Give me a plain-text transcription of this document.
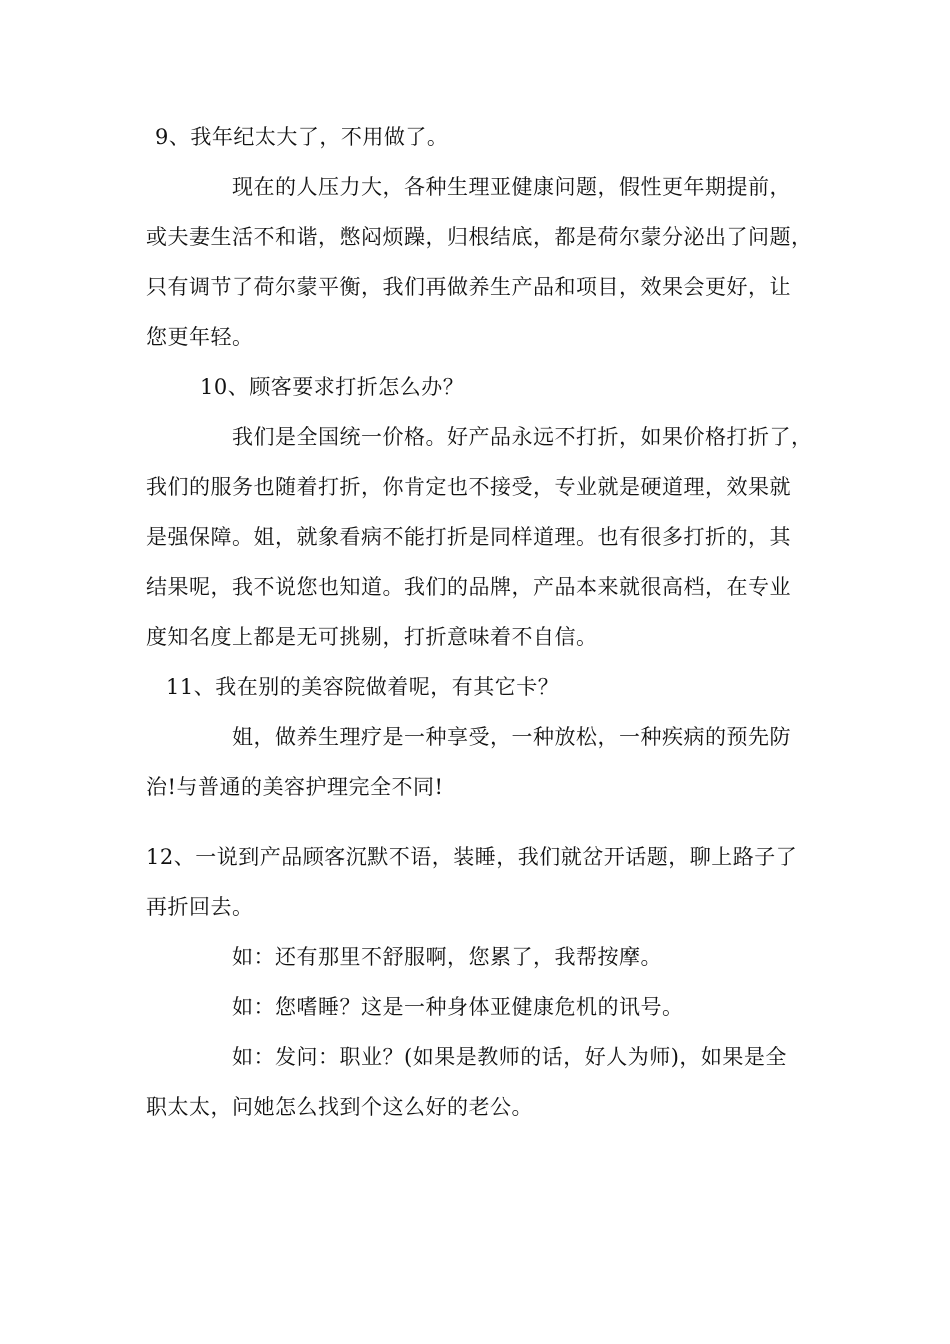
9、我年纪太大了，不用做了。
现在的人压力大，各种生理亚健康问题，假性更年期提前，
或夫妻生活不和谐，憋闷烦躁，归根结底，都是荷尔蒙分泌出了问题，
只有调节了荷尔蒙平衡，我们再做养生产品和项目，效果会更好，让
您更年轻。
10、顾客要求打折怎么办？
我们是全国统一价格。好产品永远不打折，如果价格打折了，
我们的服务也随着打折，你肯定也不接受，专业就是硬道理，效果就
是强保障。姐，就象看病不能打折是同样道理。也有很多打折的，其
结果呢，我不说您也知道。我们的品牌，产品本来就很高档，在专业
度知名度上都是无可挑剔，打折意味着不自信。
11、我在别的美容院做着呢，有其它卡？
姐，做养生理疗是一种享受，一种放松，一种疾病的预先防
治!与普通的美容护理完全不同!
12、一说到产品顾客沉默不语，装睡，我们就岔开话题，聊上路子了
再折回去。
如：还有那里不舒服啊，您累了，我帮按摩。
如：您嗜睡？这是一种身体亚健康危机的讯号。
如：发问：职业？(如果是教师的话，好人为师)，如果是全
职太太，问她怎么找到个这么好的老公。
